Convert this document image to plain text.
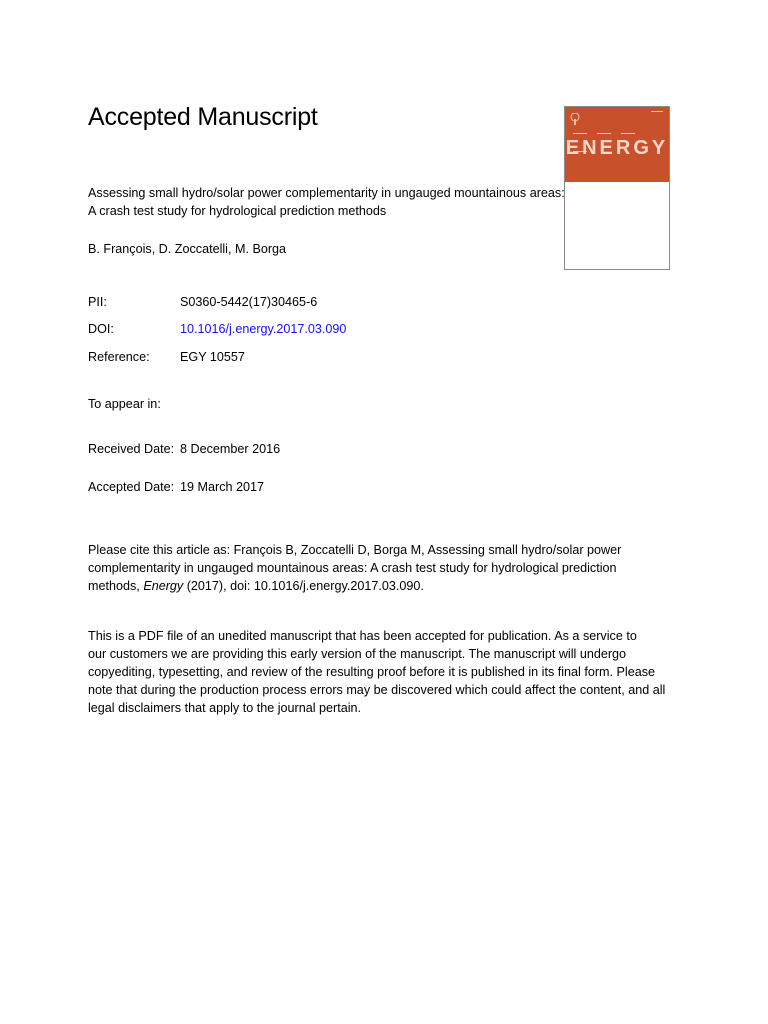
Accepted Manuscript
ENERGY
Assessing small hydro/solar power complementarity in ungauged mountainous areas:
A crash test study for hydrological prediction methods
B. François, D. Zoccatelli, M. Borga
PII:	S0360-5442(17)30465-6
DOI:	10.1016/j.energy.2017.03.090
Reference: EGY 10557
To appear in:
Received Date: 8 December 2016
Accepted Date: 19 March 2017
Please cite this article as: François B, Zoccatelli D, Borga M, Assessing small hydro/solar power
complementarity in ungauged mountainous areas: A crash test study for hydrological prediction
methods, Energy (2017), doi: 10.1016/j.energy.2017.03.090.
This is a PDF file of an unedited manuscript that has been accepted for publication. As a service to
our customers we are providing this early version of the manuscript. The manuscript will undergo
copyediting, typesetting, and review of the resulting proof before it is published in its final form. Please
note that during the production process errors may be discovered which could affect the content, and all
legal disclaimers that apply to the journal pertain.
